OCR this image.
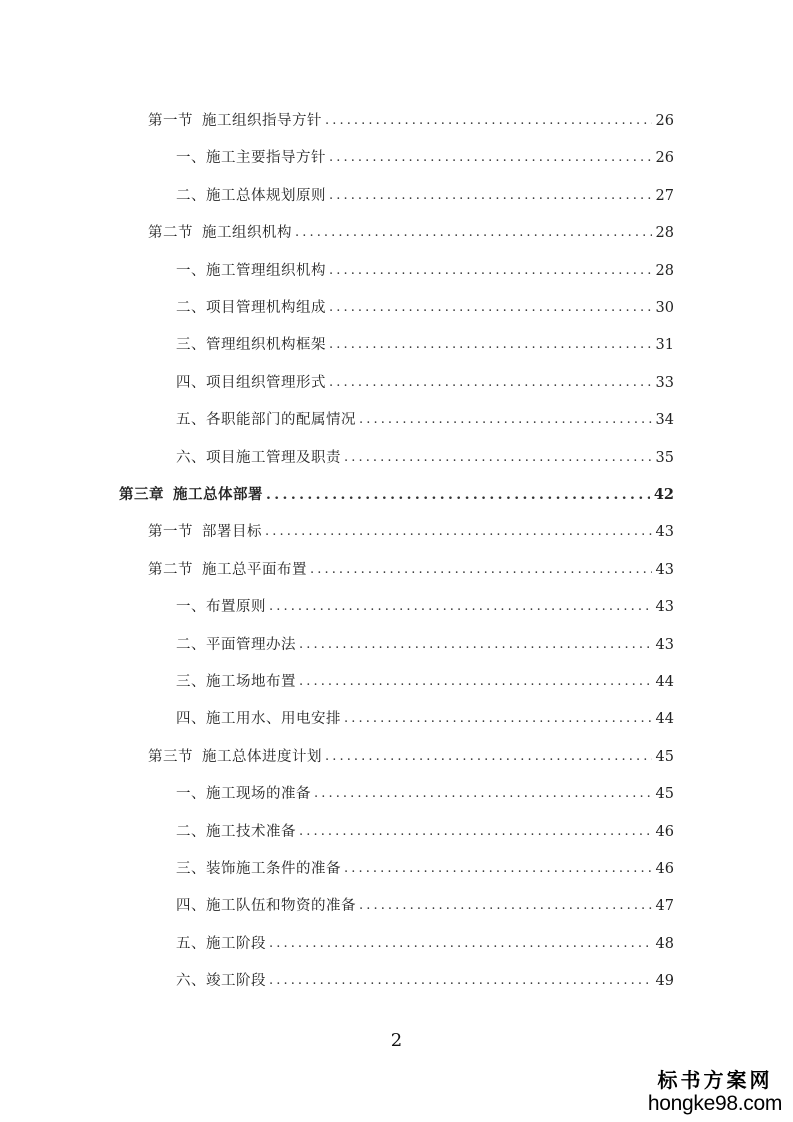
第一节 施工组织指导方针 .....	26
一、施工主要指导方针 .....	26
二、施工总体规划原则 .....	27
第二节 施工组织机构 .....	28
一、施工管理组织机构 .....	28
二、项目管理机构组成 .....	30
三、管理组织机构框架 .....	31
四、项目组织管理形式 .....	33
五、各职能部门的配属情况 .....	34
六、项目施工管理及职责 .....	35
第三章 施工总体部署 .....	42
第一节 部署目标 .....	43
第二节 施工总平面布置 .....	43
一、布置原则 .....	43
二、平面管理办法 .....	43
三、施工场地布置 .....	44
四、施工用水、用电安排 .....	44
第三节 施工总体进度计划 .....	45
一、施工现场的准备 .....	45
二、施工技术准备 .....	46
三、装饰施工条件的准备 .....	46
四、施工队伍和物资的准备 .....	47
五、施工阶段 .....	48
六、竣工阶段 .....	49
2
标书方案网
hongke98.com
